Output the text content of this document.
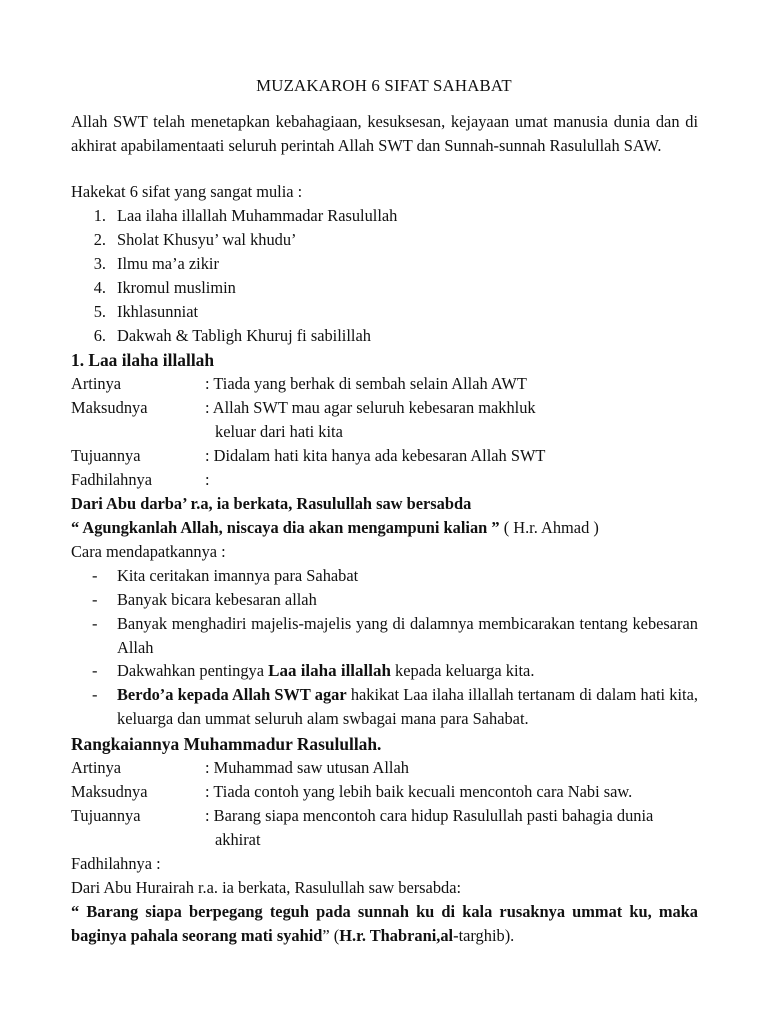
MUZAKAROH 6 SIFAT SAHABAT
Allah SWT telah menetapkan kebahagiaan, kesuksesan, kejayaan umat manusia dunia dan di akhirat apabilamentaati seluruh perintah Allah SWT dan Sunnah-sunnah Rasulullah SAW.
Hakekat 6 sifat yang sangat mulia :
1. Laa ilaha illallah Muhammadar Rasulullah
2. Sholat Khusyu’ wal khudu’
3. Ilmu ma’a zikir
4. Ikromul muslimin
5. Ikhlasunniat
6. Dakwah & Tabligh Khuruj fi sabilillah
1. Laa ilaha illallah
Artinya	: Tiada yang berhak di sembah selain Allah AWT
Maksudnya	: Allah SWT mau agar seluruh kebesaran makhluk
keluar dari hati kita
Tujuannya	: Didalam hati kita hanya ada kebesaran Allah SWT
Fadhilahnya	:
Dari Abu darba’ r.a, ia berkata, Rasulullah saw bersabda
“ Agungkanlah Allah, niscaya dia akan mengampuni kalian ” ( H.r. Ahmad )
Cara mendapatkannya :
- Kita ceritakan imannya para Sahabat
- Banyak bicara kebesaran allah
- Banyak menghadiri majelis-majelis yang di dalamnya membicarakan tentang kebesaran Allah
- Dakwahkan pentingya Laa ilaha illallah kepada keluarga kita.
- Berdo’a kepada Allah SWT agar hakikat Laa ilaha illallah tertanam di dalam hati kita, keluarga dan ummat seluruh alam swbagai mana para Sahabat.
Rangkaiannya Muhammadur Rasulullah.
Artinya	: Muhammad saw utusan Allah
Maksudnya	: Tiada contoh yang lebih baik kecuali mencontoh cara Nabi saw.
Tujuannya	: Barang siapa mencontoh cara hidup Rasulullah pasti bahagia dunia
akhirat
Fadhilahnya :
Dari Abu Hurairah r.a. ia berkata, Rasulullah saw bersabda:
“ Barang siapa berpegang teguh pada sunnah ku di kala rusaknya ummat ku, maka baginya pahala seorang mati syahid” (H.r. Thabrani,al-targhib).
